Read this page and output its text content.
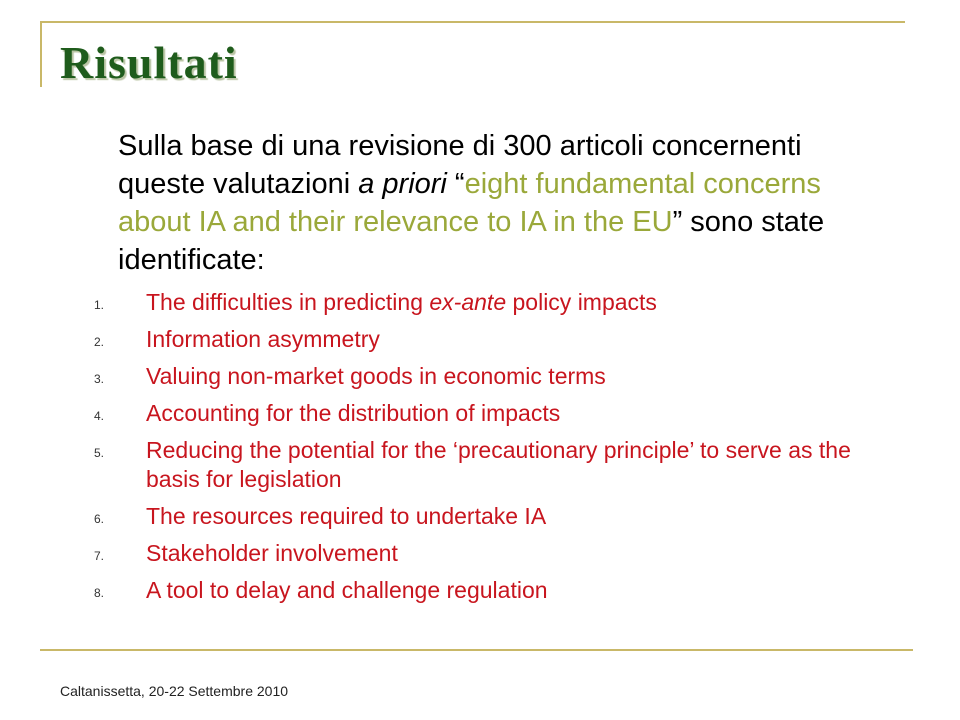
Risultati
Sulla base di una revisione di 300 articoli concernenti queste valutazioni a priori “eight fundamental concerns about IA and their relevance to IA in the EU” sono state identificate:
1. The difficulties in predicting ex-ante policy impacts
2. Information asymmetry
3. Valuing non-market goods in economic terms
4. Accounting for the distribution of impacts
5. Reducing the potential for the ‘precautionary principle’ to serve as the basis for legislation
6. The resources required to undertake IA
7. Stakeholder involvement
8. A tool to delay and challenge regulation
Caltanissetta, 20-22 Settembre 2010
